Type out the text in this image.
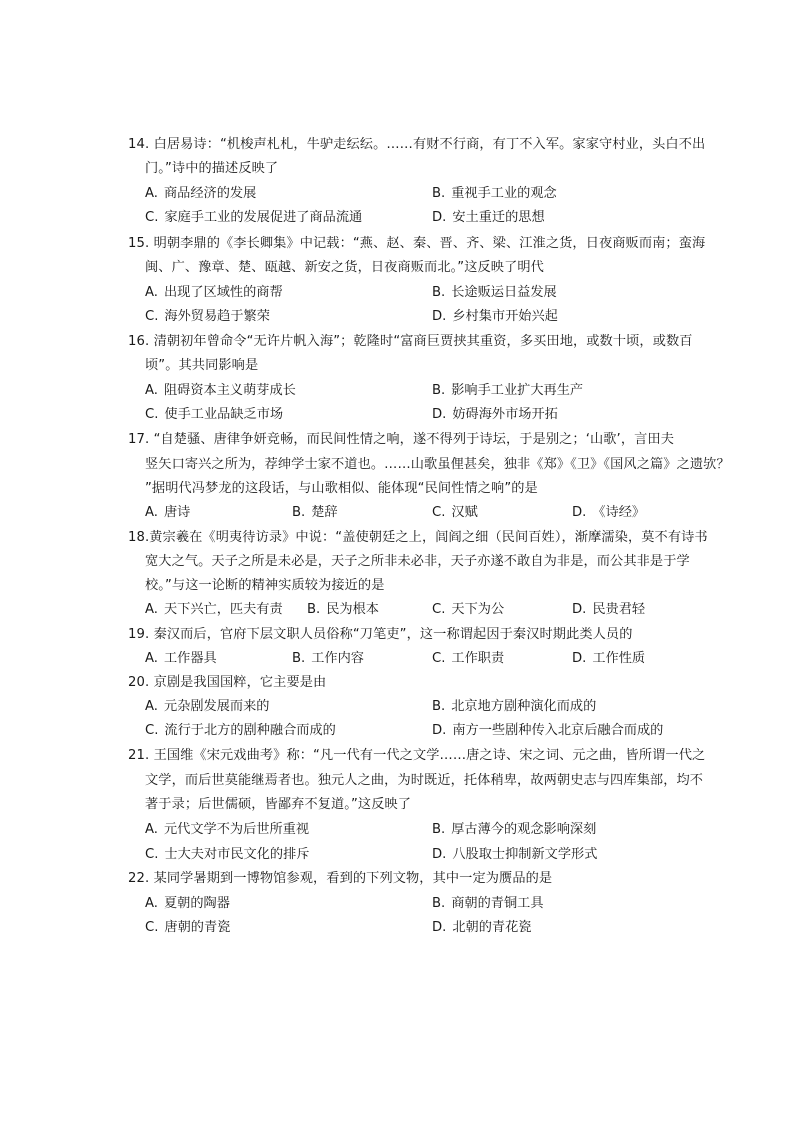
14. 白居易诗：“机梭声札札，牛驴走纭纭。……有财不行商，有丁不入军。家家守村业，头白不出
门。”诗中的描述反映了
A. 商品经济的发展	B. 重视手工业的观念
C. 家庭手工业的发展促进了商品流通	D. 安土重迁的思想
15. 明朝李鼎的《李长卿集》中记载：“燕、赵、秦、晋、齐、梁、江淮之货，日夜商贩而南；蛮海
闽、广、豫章、楚、瓯越、新安之货，日夜商贩而北。”这反映了明代
A. 出现了区域性的商帮	B. 长途贩运日益发展
C. 海外贸易趋于繁荣	D. 乡村集市开始兴起
16. 清朝初年曾命令“无许片帆入海”；乾隆时“富商巨贾挟其重资，多买田地，或数十顷，或数百
顷”。其共同影响是
A. 阻碍资本主义萌芽成长	B. 影响手工业扩大再生产
C. 使手工业品缺乏市场	D. 妨碍海外市场开拓
17. “自楚骚、唐律争妍竞畅，而民间性情之响，遂不得列于诗坛，于是别之；‘山歌’，言田夫
竖矢口寄兴之所为，荐绅学士家不道也。……山歌虽俚甚矣，独非《郑》《卫》《国风之篇》之遗欤？
”据明代冯梦龙的这段话，与山歌相似、能体现“民间性情之响”的是
A. 唐诗	B. 楚辞	C. 汉赋	D. 《诗经》
18.黄宗羲在《明夷待访录》中说：“盖使朝廷之上，闾阎之细（民间百姓），渐摩濡染，莫不有诗书
宽大之气。天子之所是未必是，天子之所非未必非，天子亦遂不敢自为非是，而公其非是于学
校。”与这一论断的精神实质较为接近的是
A. 天下兴亡，匹夫有责 B. 民为根本	C. 天下为公	D. 民贵君轻
19. 秦汉而后，官府下层文职人员俗称“刀笔吏”，这一称谓起因于秦汉时期此类人员的
A. 工作器具	B. 工作内容	C. 工作职责	D. 工作性质
20. 京剧是我国国粹，它主要是由
A. 元杂剧发展而来的	B. 北京地方剧种演化而成的
C. 流行于北方的剧种融合而成的	D. 南方一些剧种传入北京后融合而成的
21. 王国维《宋元戏曲考》称：“凡一代有一代之文学……唐之诗、宋之词、元之曲，皆所谓一代之
文学，而后世莫能继焉者也。独元人之曲，为时既近，托体稍卑，故两朝史志与四库集部，均不
著于录；后世儒硕，皆鄙弃不复道。”这反映了
A. 元代文学不为后世所重视	B. 厚古薄今的观念影响深刻
C. 士大夫对市民文化的排斥	D. 八股取士抑制新文学形式
22. 某同学暑期到一博物馆参观，看到的下列文物，其中一定为赝品的是
A. 夏朝的陶器	B. 商朝的青铜工具
C. 唐朝的青瓷	D. 北朝的青花瓷
